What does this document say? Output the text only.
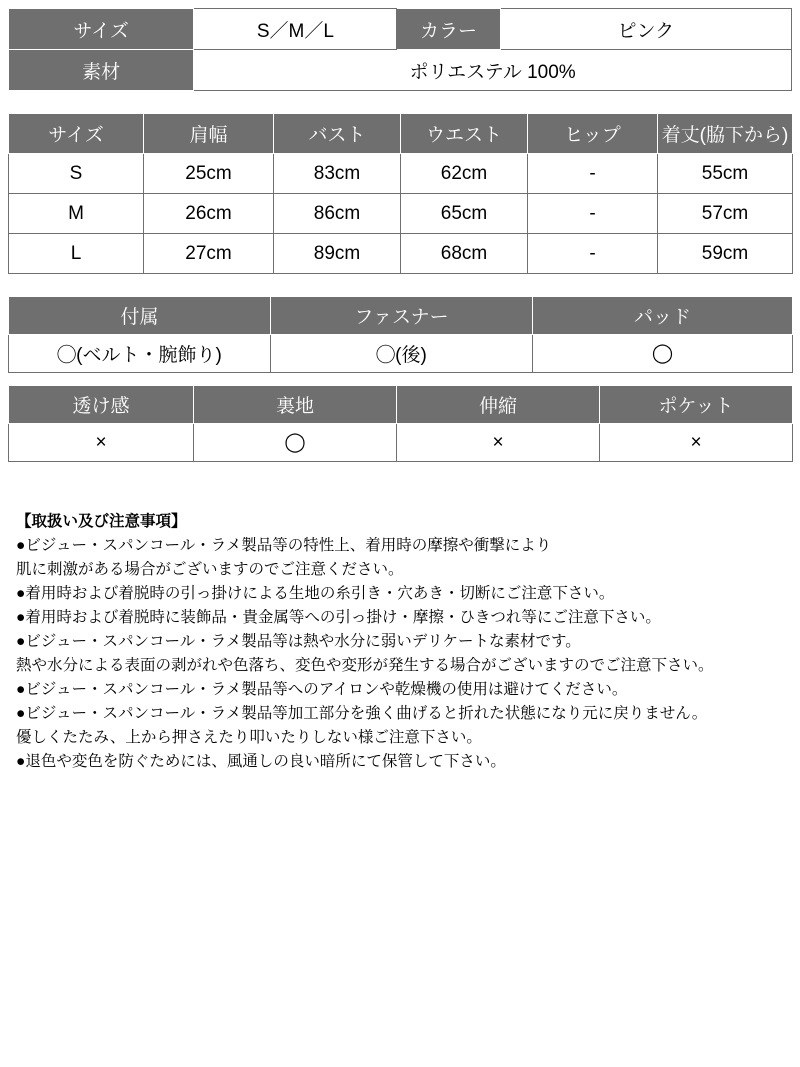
サイズ	S／M／L	カラー	ピンク
素材	ポリエステル 100%		
サイズ	肩幅	バスト	ウエスト	ヒップ	着丈(脇下から)
S	25cm	83cm	62cm	-	55cm
M	26cm	86cm	65cm	-	57cm
L	27cm	89cm	68cm	-	59cm
付属	ファスナー	パッド
◯(ベルト・腕飾り)	◯(後)	◯
透け感	裏地	伸縮	ポケット
×	◯	×	×
【取扱い及び注意事項】
●ビジュー・スパンコール・ラメ製品等の特性上、着用時の摩擦や衝撃により
肌に刺激がある場合がございますのでご注意ください。
●着用時および着脱時の引っ掛けによる生地の糸引き・穴あき・切断にご注意下さい。
●着用時および着脱時に装飾品・貴金属等への引っ掛け・摩擦・ひきつれ等にご注意下さい。
●ビジュー・スパンコール・ラメ製品等は熱や水分に弱いデリケートな素材です。
熱や水分による表面の剥がれや色落ち、変色や変形が発生する場合がございますのでご注意下さい。
●ビジュー・スパンコール・ラメ製品等へのアイロンや乾燥機の使用は避けてください。
●ビジュー・スパンコール・ラメ製品等加工部分を強く曲げると折れた状態になり元に戻りません。
優しくたたみ、上から押さえたり叩いたりしない様ご注意下さい。
●退色や変色を防ぐためには、風通しの良い暗所にて保管して下さい。
